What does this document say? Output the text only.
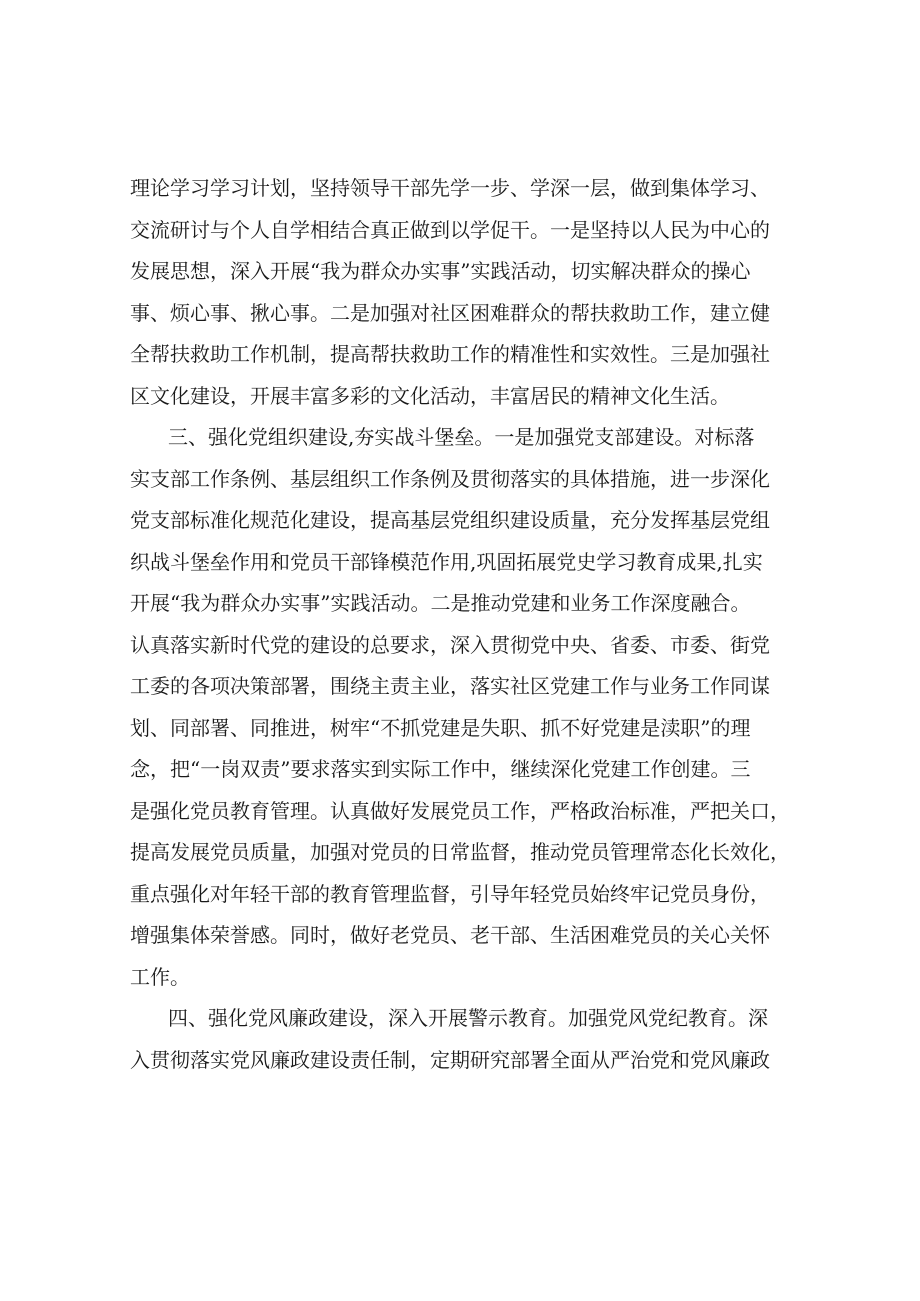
理论学习学习计划，坚持领导干部先学一步、学深一层，做到集体学习、
交流研讨与个人自学相结合真正做到以学促干。一是坚持以人民为中心的
发展思想，深入开展“我为群众办实事”实践活动，切实解决群众的操心
事、烦心事、揪心事。二是加强对社区困难群众的帮扶救助工作，建立健
全帮扶救助工作机制，提高帮扶救助工作的精准性和实效性。三是加强社
区文化建设，开展丰富多彩的文化活动，丰富居民的精神文化生活。
三、强化党组织建设,夯实战斗堡垒。一是加强党支部建设。对标落
实支部工作条例、基层组织工作条例及贯彻落实的具体措施，进一步深化
党支部标准化规范化建设，提高基层党组织建设质量，充分发挥基层党组
织战斗堡垒作用和党员干部锋模范作用,巩固拓展党史学习教育成果,扎实
开展“我为群众办实事”实践活动。二是推动党建和业务工作深度融合。
认真落实新时代党的建设的总要求，深入贯彻党中央、省委、市委、街党
工委的各项决策部署，围绕主责主业，落实社区党建工作与业务工作同谋
划、同部署、同推进，树牢“不抓党建是失职、抓不好党建是渎职”的理
念，把“一岗双责”要求落实到实际工作中，继续深化党建工作创建。三
是强化党员教育管理。认真做好发展党员工作，严格政治标准，严把关口，
提高发展党员质量，加强对党员的日常监督，推动党员管理常态化长效化，
重点强化对年轻干部的教育管理监督，引导年轻党员始终牢记党员身份，
增强集体荣誉感。同时，做好老党员、老干部、生活困难党员的关心关怀
工作。
四、强化党风廉政建设，深入开展警示教育。加强党风党纪教育。深
入贯彻落实党风廉政建设责任制，定期研究部署全面从严治党和党风廉政
